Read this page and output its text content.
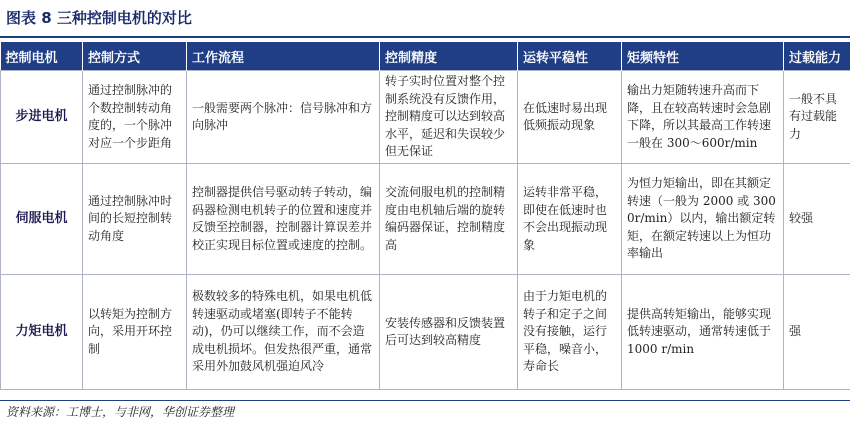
图表 8 三种控制电机的对比
控制电机	控制方式	工作流程	控制精度	运转平稳性	矩频特性	过载能力
步进电机	通过控制脉冲的个数控制转动角度的，一个脉冲对应一个步距角	一般需要两个脉冲：信号脉冲和方向脉冲	转子实时位置对整个控制系统没有反馈作用，控制精度可以达到较高水平，延迟和失误较少但无保证	在低速时易出现低频振动现象	输出力矩随转速升高而下降，且在较高转速时会急剧下降，所以其最高工作转速一般在 300～600r/min	一般不具有过载能力
伺服电机	通过控制脉冲时间的长短控制转动角度	控制器提供信号驱动转子转动，编码器检测电机转子的位置和速度并反馈至控制器，控制器计算误差并校正实现目标位置或速度的控制。	交流伺服电机的控制精度由电机轴后端的旋转编码器保证，控制精度高	运转非常平稳，即使在低速时也不会出现振动现象	为恒力矩输出，即在其额定转速（一般为 2000 或 3000r/min）以内，输出额定转矩，在额定转速以上为恒功率输出	较强
力矩电机	以转矩为控制方向，采用开环控制	极数较多的特殊电机，如果电机低转速驱动或堵塞(即转子不能转动)，仍可以继续工作，而不会造成电机损坏。但发热很严重，通常采用外加鼓风机强迫风冷	安装传感器和反馈装置后可达到较高精度	由于力矩电机的转子和定子之间没有接触，运行平稳，噪音小，寿命长	提供高转矩输出，能够实现低转速驱动，通常转速低于 1000 r/min	强
资料来源：工博士，与非网，华创证券整理
